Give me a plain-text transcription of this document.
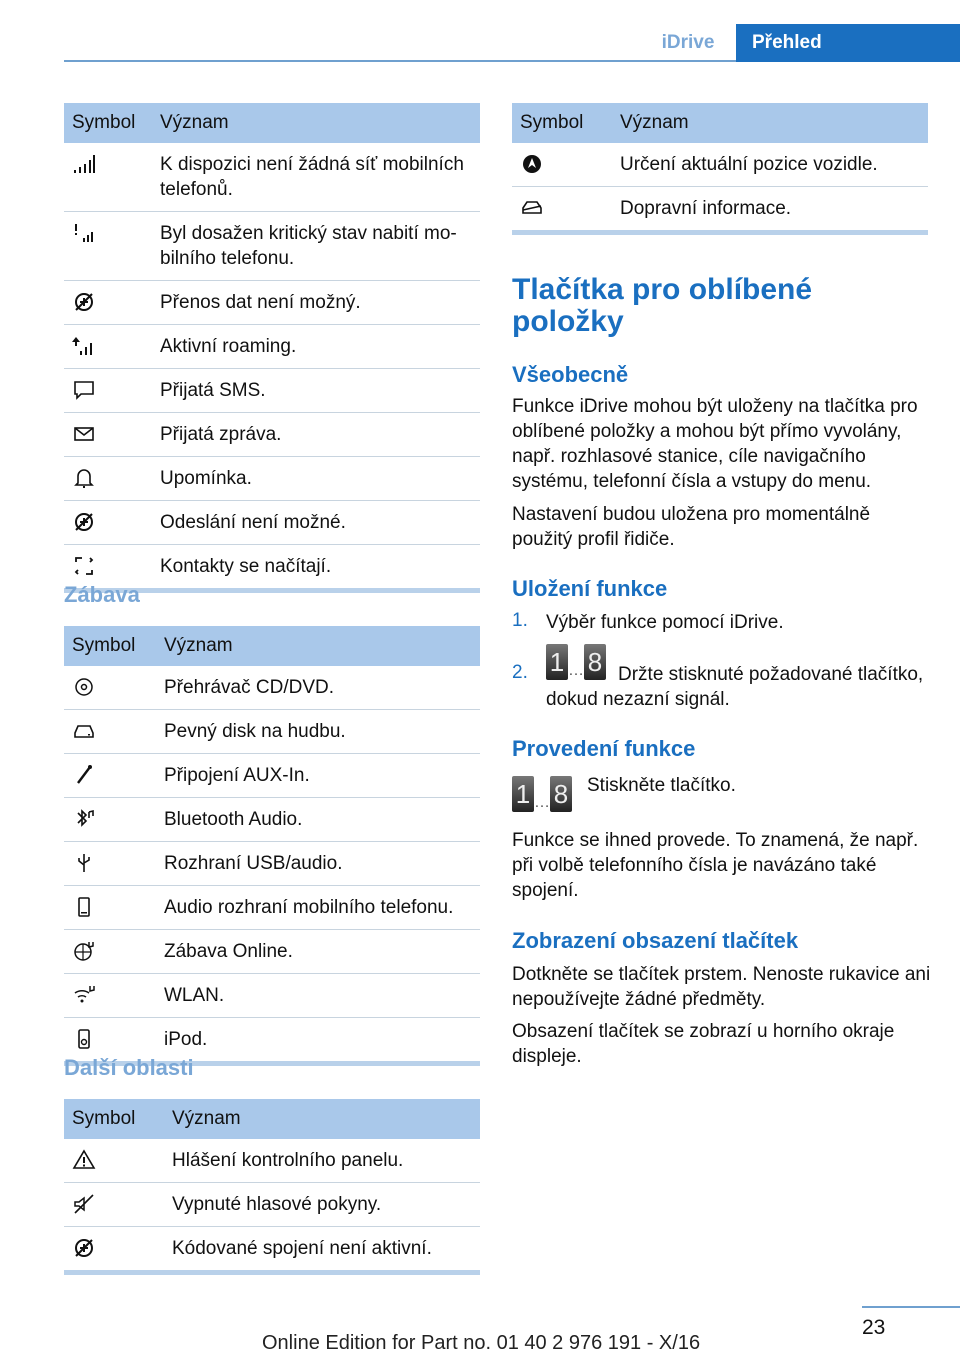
iDrive	Přehled
Symbol	Význam

	K dispozici není žádná síť mobilních telefonů.

	Byl dosažen kritický stav nabití mobilního telefonu.

	Přenos dat není možný.

	Aktivní roaming.

	Přijatá SMS.

	Přijatá zpráva.

	Upomínka.

	Odeslání není možné.

	Kontakty se načítají.
Zábava
Symbol	Význam

	Přehrávač CD/DVD.

	Pevný disk na hudbu.

	Připojení AUX-In.

	Bluetooth Audio.

	Rozhraní USB/audio.

	Audio rozhraní mobilního telefonu.

	Zábava Online.

	WLAN.

	iPod.
Další oblasti
Symbol	Význam

	Hlášení kontrolního panelu.

	Vypnuté hlasové pokyny.

	Kódované spojení není aktivní.
Symbol	Význam

	Určení aktuální pozice vozidle.

	Dopravní informace.
Tlačítka pro oblíbené položky
Všeobecně
Funkce iDrive mohou být uloženy na tlačítka pro oblíbené položky a mohou být přímo vyvolány, např. rozhlasové stanice, cíle navigačního systému, telefonní čísla a vstupy do menu.
Nastavení budou uložena pro momentálně použitý profil řidiče.
Uložení funkce
1. Výběr funkce pomocí iDrive.
2. 1 … 8 Držte stisknuté požadované tlačítko, dokud nezazní signál.
Provedení funkce
1 … 8 Stiskněte tlačítko.
Funkce se ihned provede. To znamená, že např. při volbě telefonního čísla je navázáno také spojení.
Zobrazení obsazení tlačítek
Dotkněte se tlačítek prstem. Nenoste rukavice ani nepoužívejte žádné předměty.
Obsazení tlačítek se zobrazí u horního okraje displeje.
23
Online Edition for Part no. 01 40 2 976 191 - X/16
